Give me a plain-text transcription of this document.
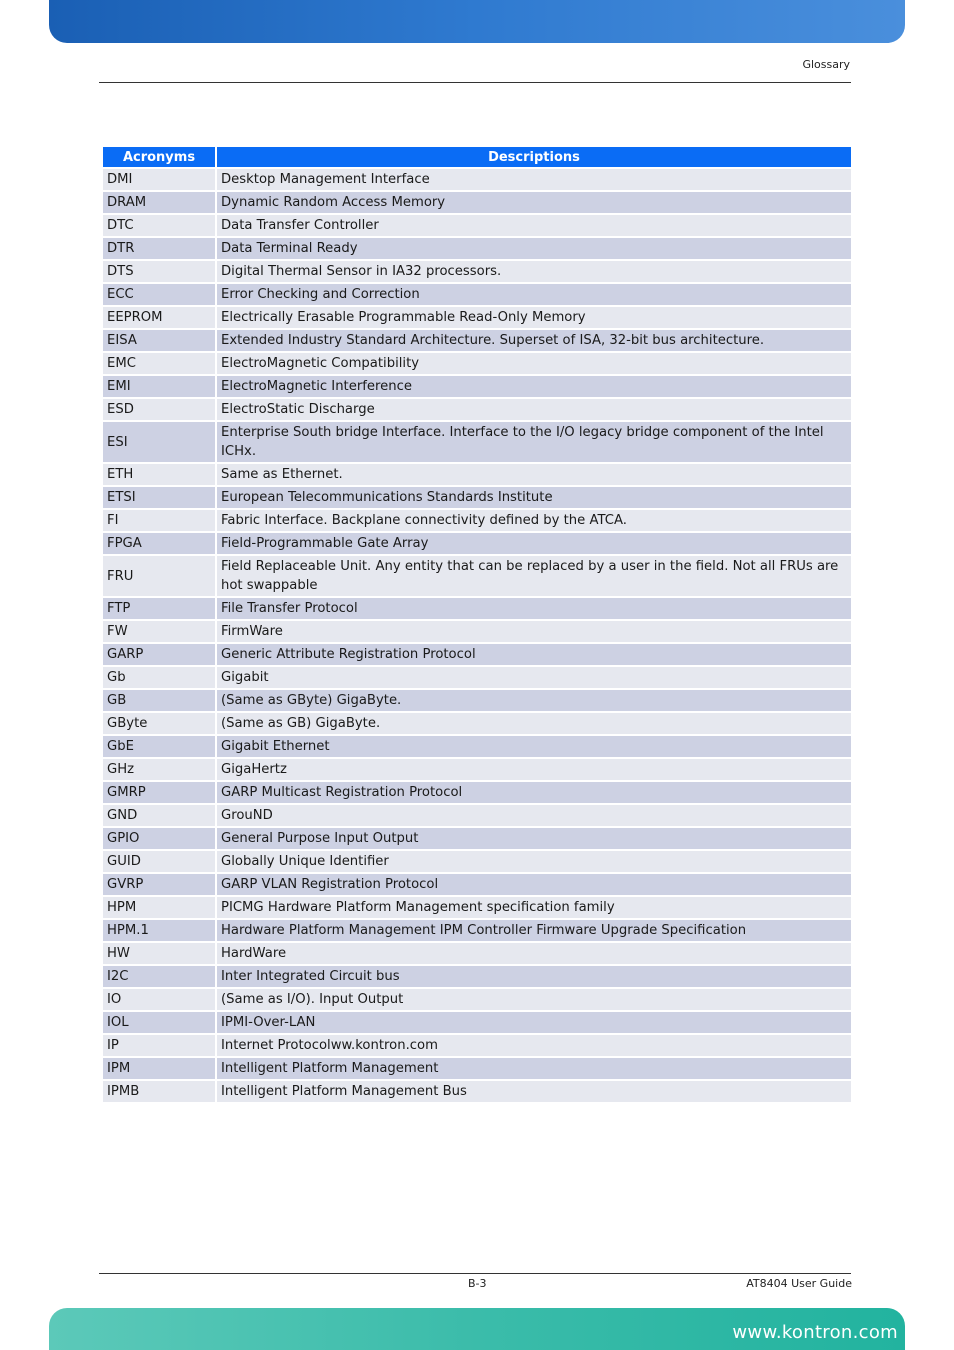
Glossary
Acronyms	Descriptions
DMI	Desktop Management Interface
DRAM	Dynamic Random Access Memory
DTC	Data Transfer Controller
DTR	Data Terminal Ready
DTS	Digital Thermal Sensor in IA32 processors.
ECC	Error Checking and Correction
EEPROM	Electrically Erasable Programmable Read-Only Memory
EISA	Extended Industry Standard Architecture. Superset of ISA, 32-bit bus architecture.
EMC	ElectroMagnetic Compatibility
EMI	ElectroMagnetic Interference
ESD	ElectroStatic Discharge
ESI	Enterprise South bridge Interface. Interface to the I/O legacy bridge component of the Intel ICHx.
ETH	Same as Ethernet.
ETSI	European Telecommunications Standards Institute
FI	Fabric Interface. Backplane connectivity defined by the ATCA.
FPGA	Field-Programmable Gate Array
FRU	Field Replaceable Unit. Any entity that can be replaced by a user in the field. Not all FRUs are hot swappable
FTP	File Transfer Protocol
FW	FirmWare
GARP	Generic Attribute Registration Protocol
Gb	Gigabit
GB	(Same as GByte) GigaByte.
GByte	(Same as GB) GigaByte.
GbE	Gigabit Ethernet
GHz	GigaHertz
GMRP	GARP Multicast Registration Protocol
GND	GrouND
GPIO	General Purpose Input Output
GUID	Globally Unique Identifier
GVRP	GARP VLAN Registration Protocol
HPM	PICMG Hardware Platform Management specification family
HPM.1	Hardware Platform Management IPM Controller Firmware Upgrade Specification
HW	HardWare
I2C	Inter Integrated Circuit bus
IO	(Same as I/O). Input Output
IOL	IPMI-Over-LAN
IP	Internet Protocolww.kontron.com
IPM	Intelligent Platform Management
IPMB	Intelligent Platform Management Bus
B-3	AT8404 User Guide
www.kontron.com
